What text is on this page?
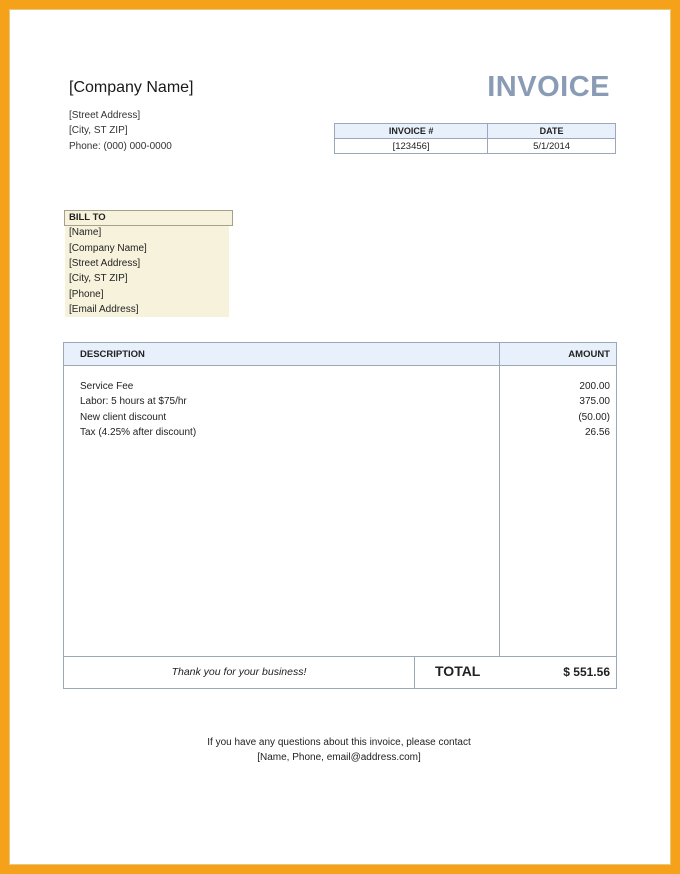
[Company Name]
[Street Address]
[City, ST ZIP]
Phone: (000) 000-0000
INVOICE
INVOICE #	DATE
[123456]	5/1/2014
BILL TO
[Name]
[Company Name]
[Street Address]
[City, ST ZIP]
[Phone]
[Email Address]
DESCRIPTION	AMOUNT
Service Fee	200.00
Labor: 5 hours at $75/hr	375.00
New client discount	(50.00)
Tax (4.25% after discount)	26.56
Thank you for your business!	TOTAL	$ 551.56
If you have any questions about this invoice, please contact
[Name, Phone, email@address.com]
